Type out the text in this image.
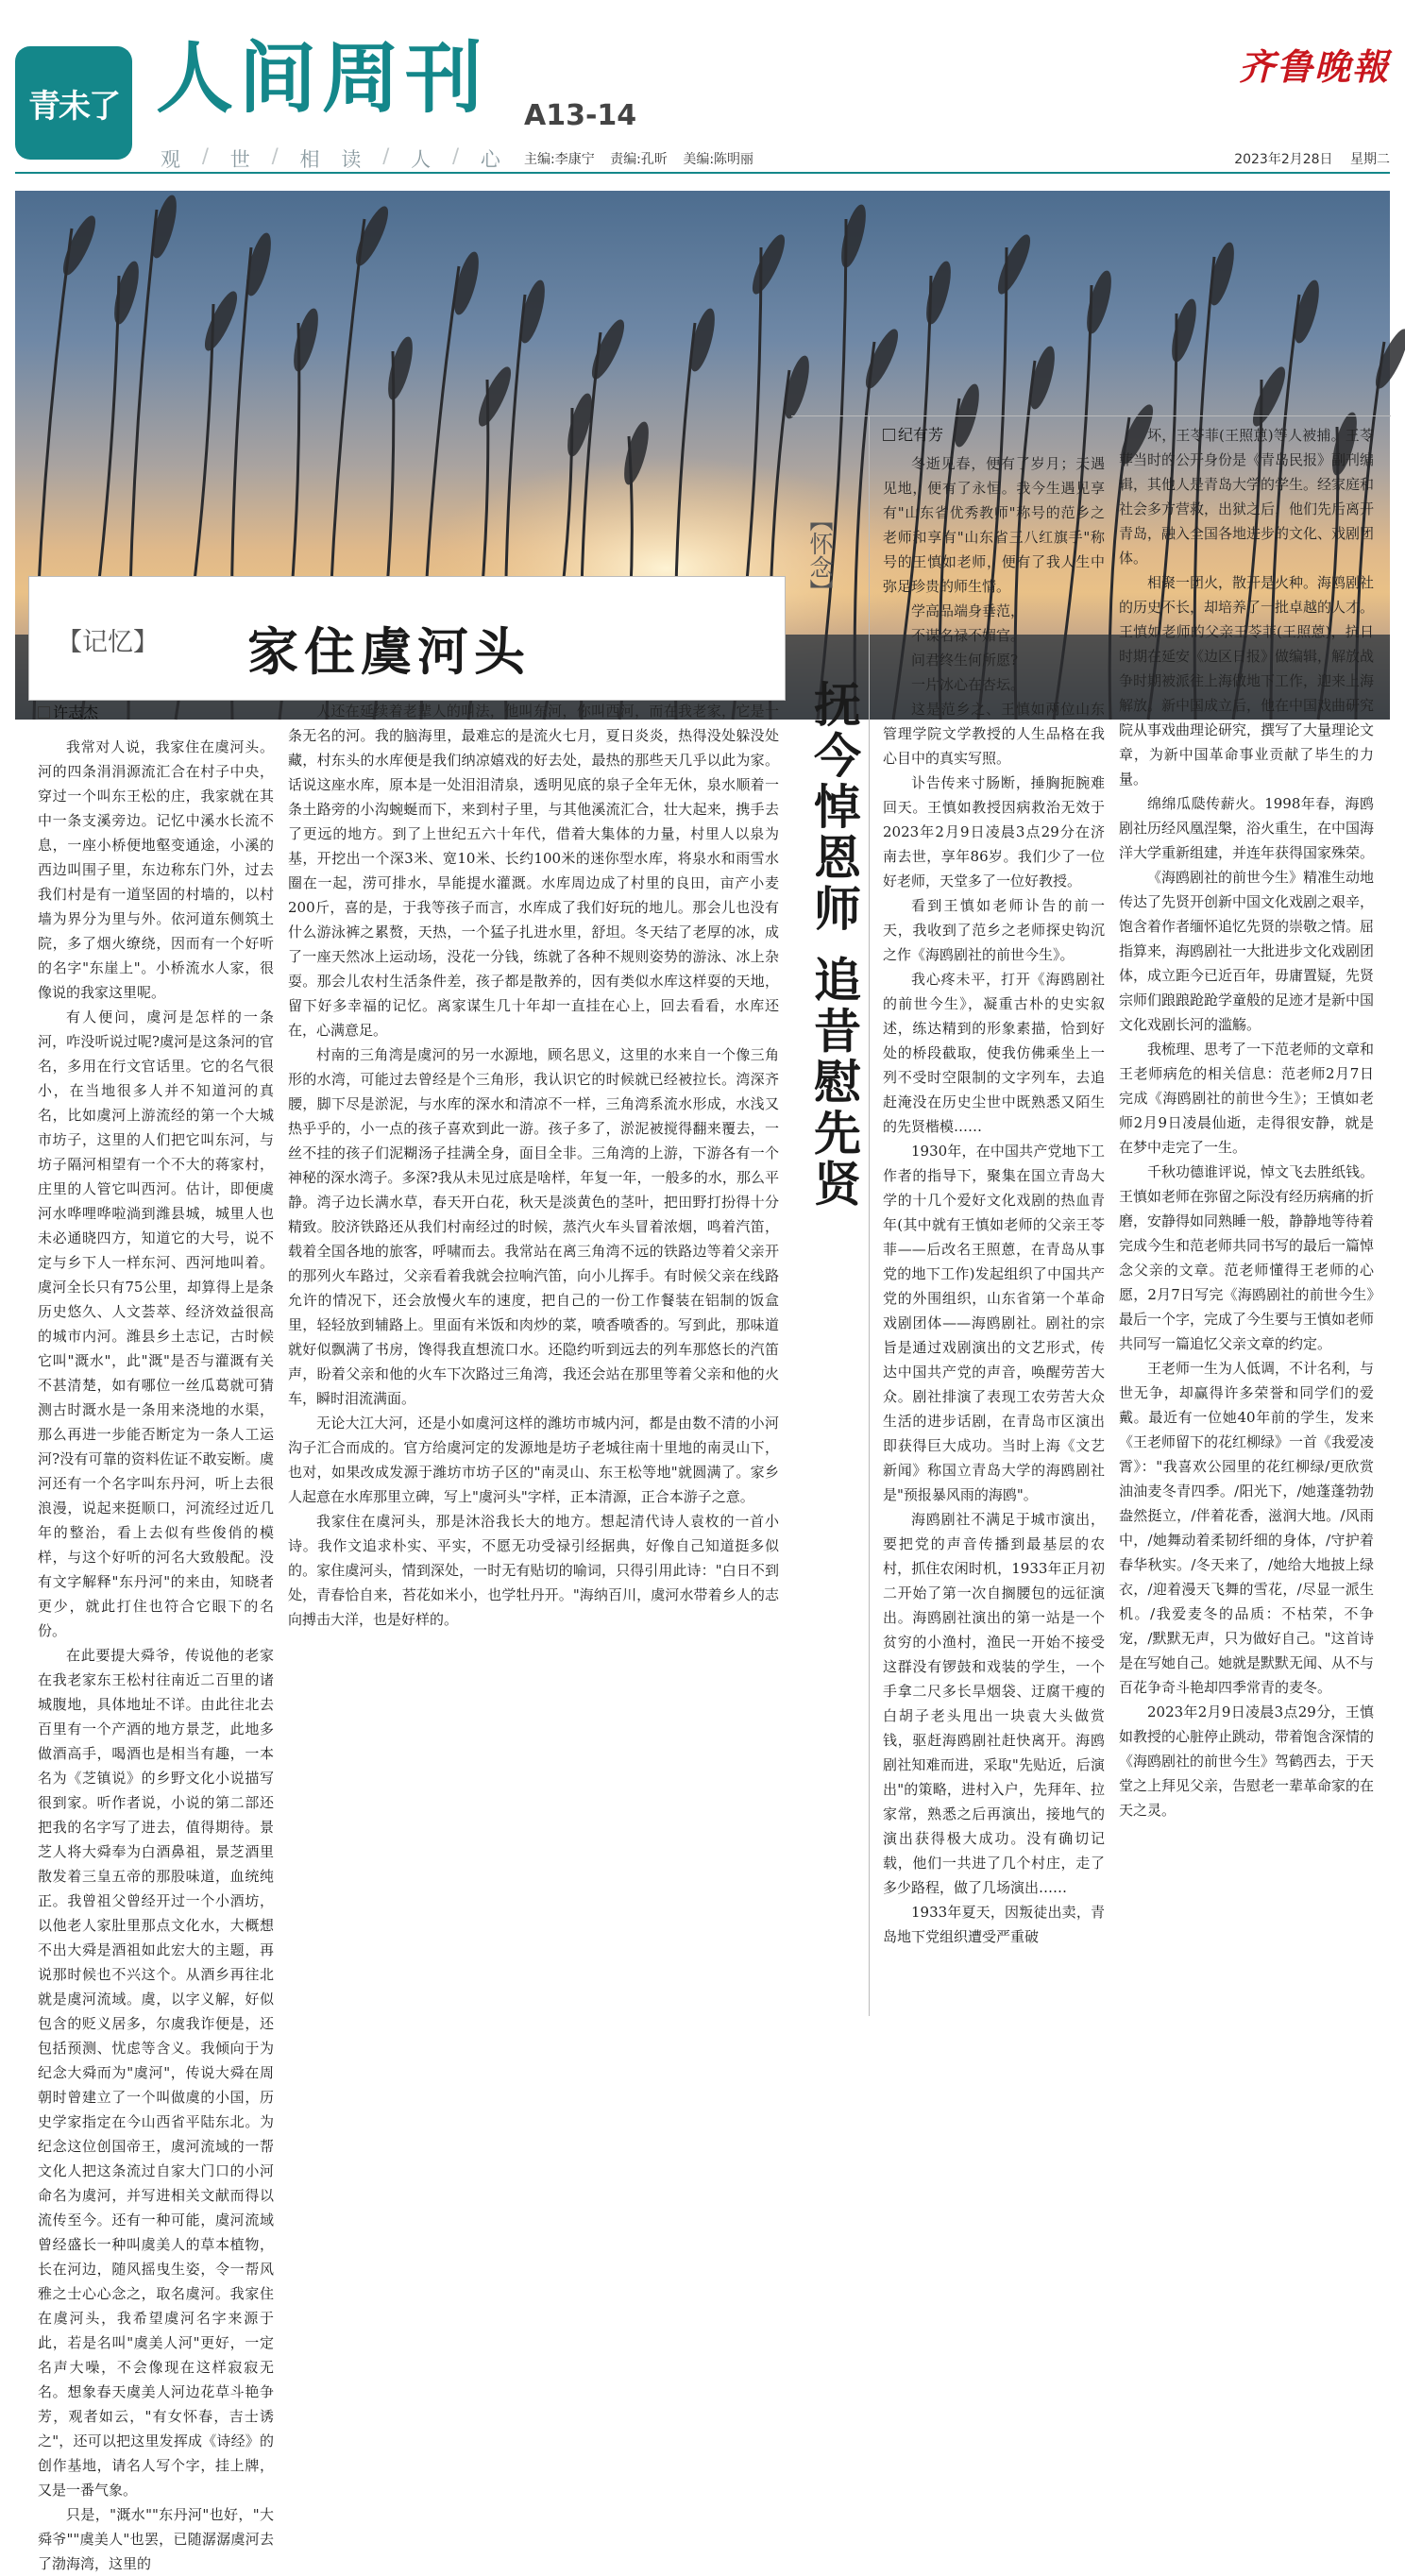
青未了 人间周刊
观 / 世 / 相 读 / 人 / 心
A13-14
主编:李康宁 责编:孔昕 美编:陈明丽
齐鲁晚報
2023年2月28日 星期二
【记忆】 家住虞河头
许志杰

我常对人说，我家住在虞河头。河的四条涓涓源流汇合在村子中央，穿过一个叫东王松的庄，我家就在其中一条支溪旁边。记忆中溪水长流不息，一座小桥便地壑变通途，小溪的西边叫围子里，东边称东门外，过去我们村是有一道坚固的村墙的，以村墙为界分为里与外。依河道东侧筑土院，多了烟火缭绕，因而有一个好听的名字"东崖上"。小桥流水人家，很像说的我家这里呢。

有人便问，虞河是怎样的一条河，咋没听说过呢?虞河是这条河的官名，多用在行文官话里。它的名气很小，在当地很多人并不知道河的真名，比如虞河上游流经的第一个大城市坊子，这里的人们把它叫东河，与坊子隔河相望有一个不大的蒋家村，庄里的人管它叫西河。估计，即便虞河水哗哩哗啦淌到潍县城，城里人也未必通晓四方，知道它的大号，说不定与乡下人一样东河、西河地叫着。虞河全长只有75公里，却算得上是条历史悠久、人文荟萃、经济效益很高的城市内河。潍县乡土志记，古时候它叫"溉水"，此"溉"是否与灌溉有关不甚清楚，如有哪位一丝瓜葛就可猜测古时溉水是一条用来浇地的水渠，那么再进一步能否断定为一条人工运河?没有可靠的资料佐证不敢妄断。虞河还有一个名字叫东丹河，听上去很浪漫，说起来挺顺口，河流经过近几年的整治，看上去似有些俊俏的模样，与这个好听的河名大致般配。没有文字解释"东丹河"的来由，知晓者更少，就此打住也符合它眼下的名份。

在此要提大舜爷，传说他的老家在我老家东王松村往南近二百里的诸城腹地，具体地址不详。由此往北去百里有一个产酒的地方景芝，此地多做酒高手，喝酒也是相当有趣，一本名为《芝镇说》的乡野文化小说描写很到家。听作者说，小说的第二部还把我的名字写了进去，值得期待。景芝人将大舜奉为白酒鼻祖，景芝酒里散发着三皇五帝的那股味道，血统纯正。我曾祖父曾经开过一个小酒坊，以他老人家肚里那点文化水，大概想不出大舜是酒祖如此宏大的主题，再说那时候也不兴这个。从酒乡再往北就是虞河流域。虞，以字义解，好似包含的贬义居多，尔虞我诈便是，还包括预测、忧虑等含义。我倾向于为纪念大舜而为"虞河"，传说大舜在周朝时曾建立了一个叫做虞的小国，历史学家指定在今山西省平陆东北。为纪念这位创国帝王，虞河流域的一帮文化人把这条流过自家大门口的小河命名为虞河，并写进相关文献而得以流传至今。还有一种可能，虞河流域曾经盛长一种叫虞美人的草本植物，长在河边，随风摇曳生姿，令一帮风雅之士心心念之，取名虞河。我家住在虞河头，我希望虞河名字来源于此，若是名叫"虞美人河"更好，一定名声大噪，不会像现在这样寂寂无名。想象春天虞美人河边花草斗艳争芳，观者如云，"有女怀春，吉士诱之"，还可以把这里发挥成《诗经》的创作基地，请名人写个字，挂上牌，又是一番气象。

只是，"溉水""东丹河"也好，"大舜爷""虞美人"也罢，已随潺潺虞河去了渤海湾，这里的

人还在延续着老辈人的叫法，他叫东河，你叫西河，而在我老家，它是一条无名的河。我的脑海里，最难忘的是流火七月，夏日炎炎，热得没处躲没处藏，村东头的水库便是我们纳凉嬉戏的好去处，最热的那些天几乎以此为家。话说这座水库，原本是一处泪泪清泉，透明见底的泉子全年无休，泉水顺着一条土路旁的小沟蜿蜒而下，来到村子里，与其他溪流汇合，壮大起来，携手去了更远的地方。到了上世纪五六十年代，借着大集体的力量，村里人以泉为基，开挖出一个深3米、宽10米、长约100米的迷你型水库，将泉水和雨雪水圈在一起，涝可排水，旱能提水灌溉。水库周边成了村里的良田，亩产小麦200斤，喜的是，于我等孩子而言，水库成了我们好玩的地儿。那会儿也没有什么游泳裤之累赘，天热，一个猛子扎进水里，舒坦。冬天结了老厚的冰，成了一座天然冰上运动场，没花一分钱，练就了各种不规则姿势的游泳、冰上杂耍。那会儿农村生活条件差，孩子都是散养的，因有类似水库这样耍的天地，留下好多幸福的记忆。离家谋生几十年却一直挂在心上，回去看看，水库还在，心满意足。

村南的三角湾是虞河的另一水源地，顾名思义，这里的水来自一个像三角形的水湾，可能过去曾经是个三角形，我认识它的时候就已经被拉长。湾深齐腰，脚下尽是淤泥，与水库的深水和清凉不一样，三角湾系流水形成，水浅又热乎乎的，小一点的孩子喜欢到此一游。孩子多了，淤泥被搅得翻来覆去，一丝不挂的孩子们泥糊汤子挂满全身，面目全非。三角湾的上游，下游各有一个神秘的深水湾子。多深?我从未见过底是啥样，年复一年，一般多的水，那么平静。湾子边长满水草，春天开白花，秋天是淡黄色的茎叶，把田野打扮得十分精致。胶济铁路还从我们村南经过的时候，蒸汽火车头冒着浓烟，鸣着汽笛，载着全国各地的旅客，呼啸而去。我常站在离三角湾不远的铁路边等着父亲开的那列火车路过，父亲看着我就会拉响汽笛，向小儿挥手。有时候父亲在线路允许的情况下，还会放慢火车的速度，把自己的一份工作餐装在铝制的饭盒里，轻轻放到辅路上。里面有米饭和肉炒的菜，喷香喷香的。写到此，那味道就好似飘满了书房，馋得我直想流口水。还隐约听到远去的列车那悠长的汽笛声，盼着父亲和他的火车下次路过三角湾，我还会站在那里等着父亲和他的火车，瞬时泪流满面。

无论大江大河，还是小如虞河这样的潍坊市城内河，都是由数不清的小河沟子汇合而成的。官方给虞河定的发源地是坊子老城往南十里地的南灵山下，也对，如果改成发源于潍坊市坊子区的"南灵山、东王松等地"就圆满了。家乡人起意在水库那里立碑，写上"虞河头"字样，正本清源，正合本游子之意。

我家住在虞河头，那是沐浴我长大的地方。想起清代诗人袁枚的一首小诗。我作文追求朴实、平实，不愿无功受禄引经据典，好像自己知道挺多似的。家住虞河头，情到深处，一时无有贴切的喻词，只得引用此诗："白日不到处，青春恰自来，苔花如米小，也学牡丹开。"海纳百川，虞河水带着乡人的志向搏击大洋，也是好样的。

【怀念】
抚今悼恩师 追昔慰先贤
纪有芳

冬逝见春，便有了岁月；天遇见地，便有了永恒。我今生遇见享有"山东省优秀教师"称号的范乡之老师和享有"山东省三八红旗手"称号的王慎如老师，便有了我人生中弥足珍贵的师生情。

学高品端身垂范，

不谋名禄不媚官。

问君终生何所愿?

一片冰心在杏坛。

这是范乡之、王慎如两位山东管理学院文学教授的人生品格在我心目中的真实写照。

讣告传来寸肠断，捶胸扼腕难回天。王慎如教授因病救治无效于2023年2月9日凌晨3点29分在济南去世，享年86岁。我们少了一位好老师，天堂多了一位好教授。

看到王慎如老师讣告的前一天，我收到了范乡之老师探史钩沉之作《海鸥剧社的前世今生》。

我心疼未平，打开《海鸥剧社的前世今生》，凝重古朴的史实叙述，练达精到的形象素描，恰到好处的桥段截取，使我仿佛乘坐上一列不受时空限制的文字列车，去追赶淹没在历史尘世中既熟悉又陌生的先贤楷模……

1930年，在中国共产党地下工作者的指导下，聚集在国立青岛大学的十几个爱好文化戏剧的热血青年(其中就有王慎如老师的父亲王苓菲——后改名王照蒽，在青岛从事党的地下工作)发起组织了中国共产党的外围组织，山东省第一个革命戏剧团体——海鸥剧社。剧社的宗旨是通过戏剧演出的文艺形式，传达中国共产党的声音，唤醒劳苦大众。剧社排演了表现工农劳苦大众生活的进步话剧，在青岛市区演出即获得巨大成功。当时上海《文艺新闻》称国立青岛大学的海鸥剧社是"预报暴风雨的海鸥"。

海鸥剧社不满足于城市演出，要把党的声音传播到最基层的农村，抓住农闲时机，1933年正月初二开始了第一次自搁腰包的远征演出。海鸥剧社演出的第一站是一个贫穷的小渔村，渔民一开始不接受这群没有锣鼓和戏装的学生，一个手拿二尺多长旱烟袋、迂腐干瘦的白胡子老头甩出一块袁大头做赏钱，驱赶海鸥剧社赶快离开。海鸥剧社知难而进，采取"先贴近，后演出"的策略，进村入户，先拜年、拉家常，熟悉之后再演出，接地气的演出获得极大成功。没有确切记载，他们一共进了几个村庄，走了多少路程，做了几场演出……

1933年夏天，因叛徒出卖，青岛地下党组织遭受严重破

坏，王苓菲(王照蒽)等人被捕。王苓菲当时的公开身份是《青岛民报》副刊编辑，其他人是青岛大学的学生。经家庭和社会多方营救，出狱之后，他们先后离开青岛，融入全国各地进步的文化、戏剧团体。

相聚一团火，散开是火种。海鸥剧社的历史不长，却培养了一批卓越的人才。王慎如老师的父亲王苓菲(王照蒽)，抗日时期在延安《边区日报》做编辑，解放战争时期被派往上海做地下工作，迎来上海解放。新中国成立后，他在中国戏曲研究院从事戏曲理论研究，撰写了大量理论文章，为新中国革命事业贡献了毕生的力量。

绵绵瓜瓞传薪火。1998年春，海鸥剧社历经风凰涅槃，浴火重生，在中国海洋大学重新组建，并连年获得国家殊荣。

《海鸥剧社的前世今生》精准生动地传达了先贤开创新中国文化戏剧之艰辛，饱含着作者缅怀追忆先贤的崇敬之情。屈指算来，海鸥剧社一大批进步文化戏剧团体，成立距今已近百年，毋庸置疑，先贤宗师们踉踉跄跄学童般的足迹才是新中国文化戏剧长河的滥觞。

我梳理、思考了一下范老师的文章和王老师病危的相关信息：范老师2月7日完成《海鸥剧社的前世今生》；王慎如老师2月9日凌晨仙逝，走得很安静，就是在梦中走完了一生。

千秋功德谁评说，悼文飞去胜纸钱。王慎如老师在弥留之际没有经历病痛的折磨，安静得如同熟睡一般，静静地等待着完成今生和范老师共同书写的最后一篇悼念父亲的文章。范老师懂得王老师的心愿，2月7日写完《海鸥剧社的前世今生》最后一个字，完成了今生要与王慎如老师共同写一篇追忆父亲文章的约定。

王老师一生为人低调，不计名利，与世无争，却赢得许多荣誉和同学们的爱戴。最近有一位她40年前的学生，发来《王老师留下的花红柳绿》一首《我爱凌霄》："我喜欢公园里的花红柳绿/更欣赏油油麦冬青四季。/阳光下，/她蓬蓬勃勃盎然挺立，/伴着花香，滋润大地。/风雨中，/她舞动着柔韧纤细的身体，/守护着春华秋实。/冬天来了，/她给大地披上绿衣，/迎着漫天飞舞的雪花，/尽显一派生机。/我爱麦冬的品质：不枯荣，不争宠，/默默无声，只为做好自己。"这首诗是在写她自己。她就是默默无闻、从不与百花争奇斗艳却四季常青的麦冬。

2023年2月9日凌晨3点29分，王慎如教授的心脏停止跳动，带着饱含深情的《海鸥剧社的前世今生》驾鹤西去，于天堂之上拜见父亲，告慰老一辈革命家的在天之灵。
